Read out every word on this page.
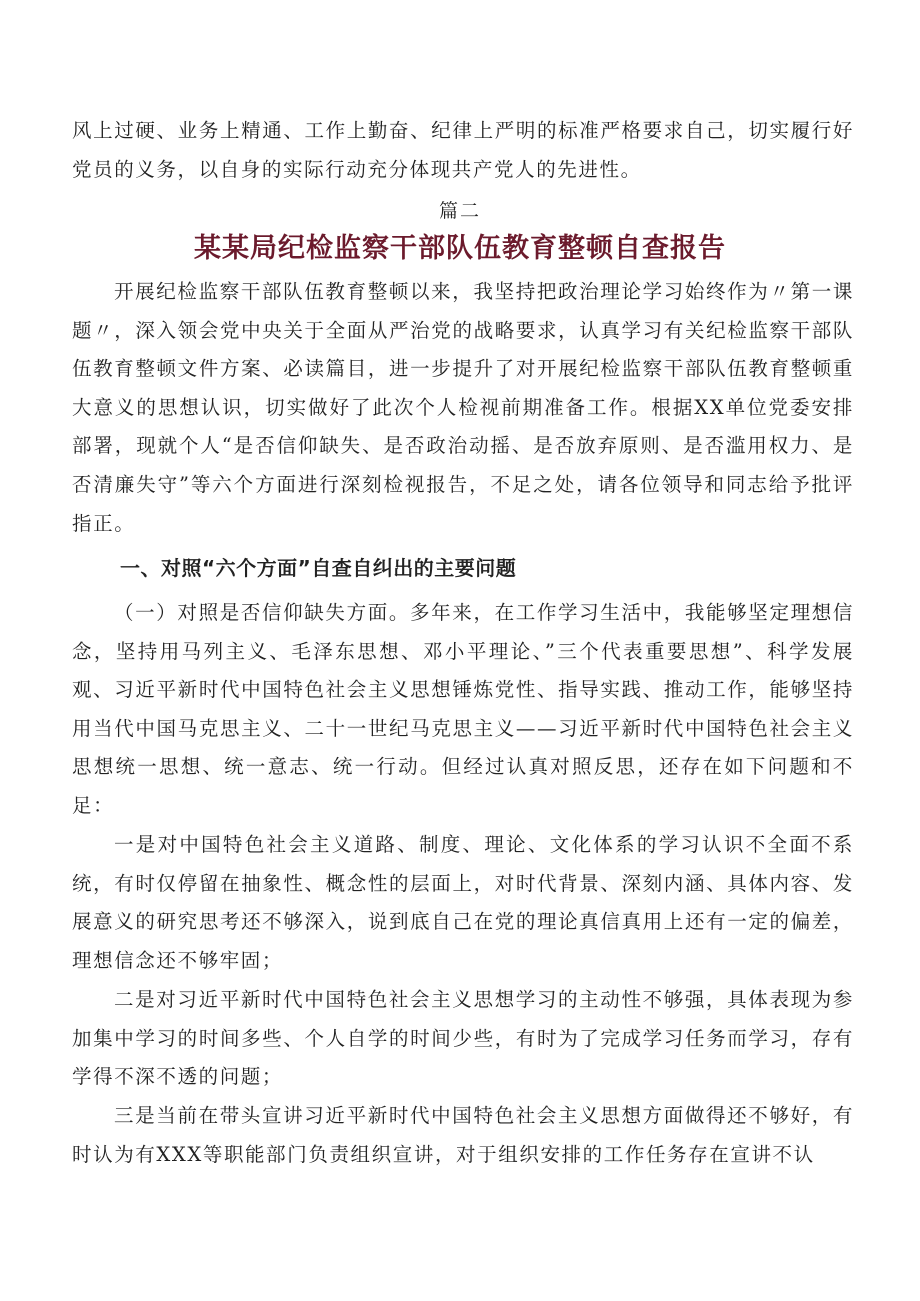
风上过硬、业务上精通、工作上勤奋、纪律上严明的标准严格要求自己，切实履行好党员的义务，以自身的实际行动充分体现共产党人的先进性。

篇二

某某局纪检监察干部队伍教育整顿自查报告

开展纪检监察干部队伍教育整顿以来，我坚持把政治理论学习始终作为〃第一课题〃，深入领会党中央关于全面从严治党的战略要求，认真学习有关纪检监察干部队伍教育整顿文件方案、必读篇目，进一步提升了对开展纪检监察干部队伍教育整顿重大意义的思想认识，切实做好了此次个人检视前期准备工作。根据XX单位党委安排部署，现就个人“是否信仰缺失、是否政治动摇、是否放弃原则、是否滥用权力、是否清廉失守”等六个方面进行深刻检视报告，不足之处，请各位领导和同志给予批评指正。

一、对照“六个方面”自查自纠出的主要问题

（一）对照是否信仰缺失方面。多年来，在工作学习生活中，我能够坚定理想信念，坚持用马列主义、毛泽东思想、邓小平理论、”三个代表重要思想”、科学发展观、习近平新时代中国特色社会主义思想锤炼党性、指导实践、推动工作，能够坚持用当代中国马克思主义、二十一世纪马克思主义——习近平新时代中国特色社会主义思想统一思想、统一意志、统一行动。但经过认真对照反思，还存在如下问题和不足：

一是对中国特色社会主义道路、制度、理论、文化体系的学习认识不全面不系统，有时仅停留在抽象性、概念性的层面上，对时代背景、深刻内涵、具体内容、发展意义的研究思考还不够深入，说到底自己在党的理论真信真用上还有一定的偏差，理想信念还不够牢固；

二是对习近平新时代中国特色社会主义思想学习的主动性不够强，具体表现为参加集中学习的时间多些、个人自学的时间少些，有时为了完成学习任务而学习，存有学得不深不透的问题；

三是当前在带头宣讲习近平新时代中国特色社会主义思想方面做得还不够好，有时认为有XXX等职能部门负责组织宣讲，对于组织安排的工作任务存在宣讲不认
